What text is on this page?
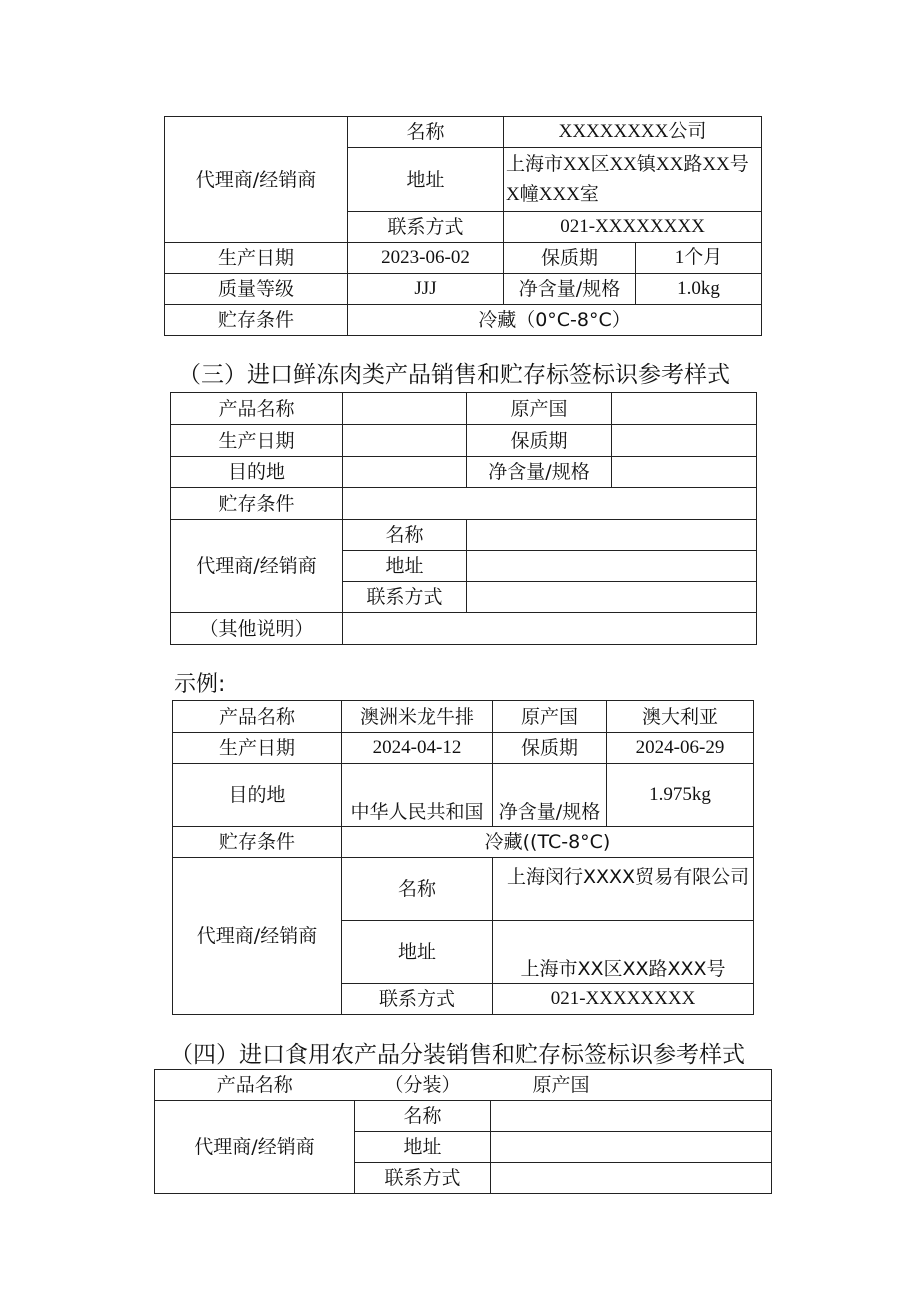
代理商/经销商	名称	XXXXXXXX公司	
	地址	上海市XX区XX镇XX路XX号X幢XXX室	
	联系方式	021-XXXXXXXX	
生产日期	2023-06-02	保质期	1个月
质量等级	JJJ	净含量/规格	1.0kg
贮存条件	冷藏（0°C-8°C）		
（三）进口鲜冻肉类产品销售和贮存标签标识参考样式
产品名称		原产国	
生产日期		保质期	
目的地		净含量/规格	
贮存条件			
代理商/经销商	名称		
	地址		
	联系方式		
（其他说明）			
示例:
产品名称	澳洲米龙牛排	原产国	澳大利亚
生产日期	2024-04-12	保质期	2024-06-29
目的地	中华人民共和国	净含量/规格	1.975kg
贮存条件	冷藏((TC-8°C)		
代理商/经销商	名称	上海闵行XXXX贸易有限公司	

	地址	上海市XX区XX路XXX号	
	联系方式	021-XXXXXXXX	
（四）进口食用农产品分装销售和贮存标签标识参考样式
产品名称	（分装）	原产国
代理商/经销商	名称	
	地址	
	联系方式	
